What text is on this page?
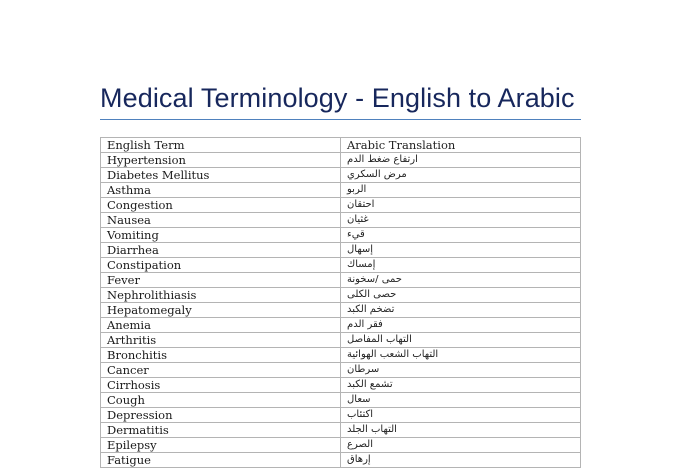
Medical Terminology - English to Arabic
English Term	Arabic Translation
Hypertension	ارتفاع ضغط الدم
Diabetes Mellitus	مرض السكري
Asthma	الربو
Congestion	احتقان
Nausea	غثيان
Vomiting	قيء
Diarrhea	إسهال
Constipation	إمساك
Fever	حمى /سخونة
Nephrolithiasis	حصى الكلى
Hepatomegaly	تضخم الكبد
Anemia	فقر الدم
Arthritis	التهاب المفاصل
Bronchitis	التهاب الشعب الهوائية
Cancer	سرطان
Cirrhosis	تشمع الكبد
Cough	سعال
Depression	اكتئاب
Dermatitis	التهاب الجلد
Epilepsy	الصرع
Fatigue	إرهاق
